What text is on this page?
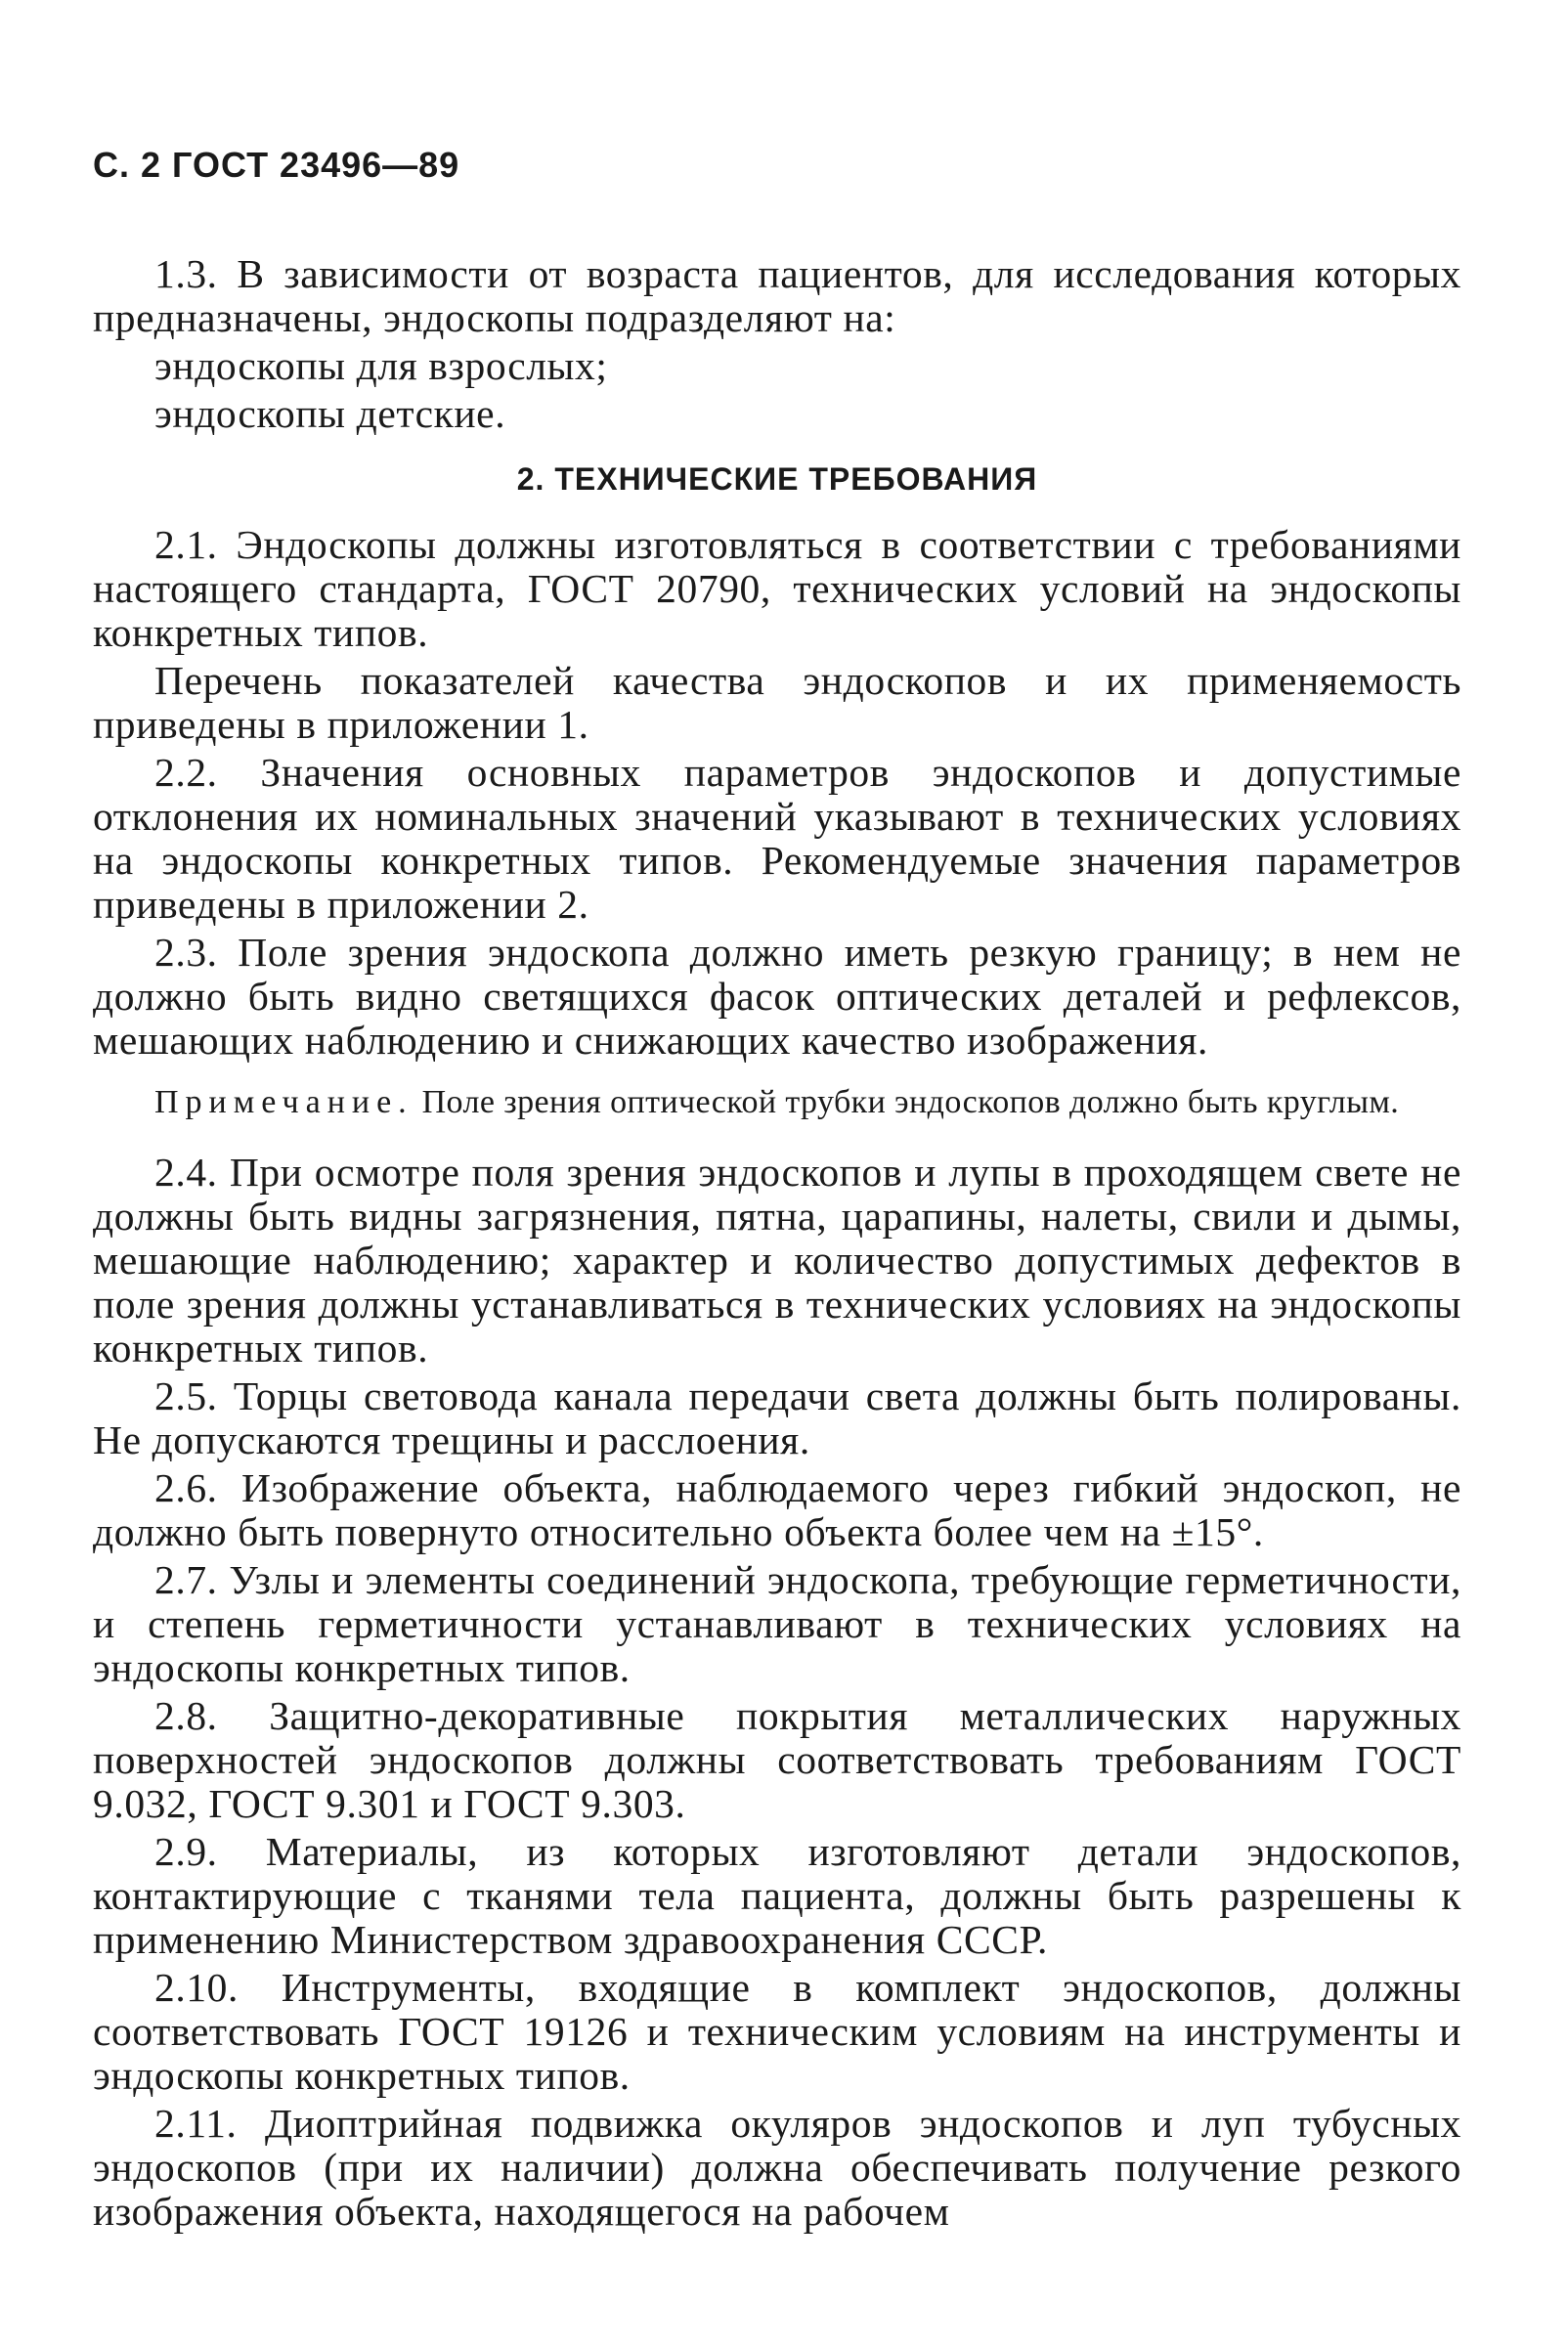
С. 2 ГОСТ 23496—89

1.3. В зависимости от возраста пациентов, для исследования которых предназначены, эндоскопы подразделяют на:

эндоскопы для взрослых;

эндоскопы детские.

2. ТЕХНИЧЕСКИЕ ТРЕБОВАНИЯ

2.1. Эндоскопы должны изготовляться в соответствии с требованиями настоящего стандарта, ГОСТ 20790, технических условий на эндоскопы конкретных типов.

Перечень показателей качества эндоскопов и их применяемость приведены в приложении 1.

2.2. Значения основных параметров эндоскопов и допустимые отклонения их номинальных значений указывают в технических условиях на эндоскопы конкретных типов. Рекомендуемые значения параметров приведены в приложении 2.

2.3. Поле зрения эндоскопа должно иметь резкую границу; в нем не должно быть видно светящихся фасок оптических деталей и рефлексов, мешающих наблюдению и снижающих качество изображения.

Примечание. Поле зрения оптической трубки эндоскопов должно быть круглым.

2.4. При осмотре поля зрения эндоскопов и лупы в проходящем свете не должны быть видны загрязнения, пятна, царапины, налеты, свили и дымы, мешающие наблюдению; характер и количество допустимых дефектов в поле зрения должны устанавливаться в технических условиях на эндоскопы конкретных типов.

2.5. Торцы световода канала передачи света должны быть полированы. Не допускаются трещины и расслоения.

2.6. Изображение объекта, наблюдаемого через гибкий эндоскоп, не должно быть повернуто относительно объекта более чем на ±15°.

2.7. Узлы и элементы соединений эндоскопа, требующие герметичности, и степень герметичности устанавливают в технических условиях на эндоскопы конкретных типов.

2.8. Защитно-декоративные покрытия металлических наружных поверхностей эндоскопов должны соответствовать требованиям ГОСТ 9.032, ГОСТ 9.301 и ГОСТ 9.303.

2.9. Материалы, из которых изготовляют детали эндоскопов, контактирующие с тканями тела пациента, должны быть разрешены к применению Министерством здравоохранения СССР.

2.10. Инструменты, входящие в комплект эндоскопов, должны соответствовать ГОСТ 19126 и техническим условиям на инструменты и эндоскопы конкретных типов.

2.11. Диоптрийная подвижка окуляров эндоскопов и луп тубусных эндоскопов (при их наличии) должна обеспечивать получение резкого изображения объекта, находящегося на рабочем
